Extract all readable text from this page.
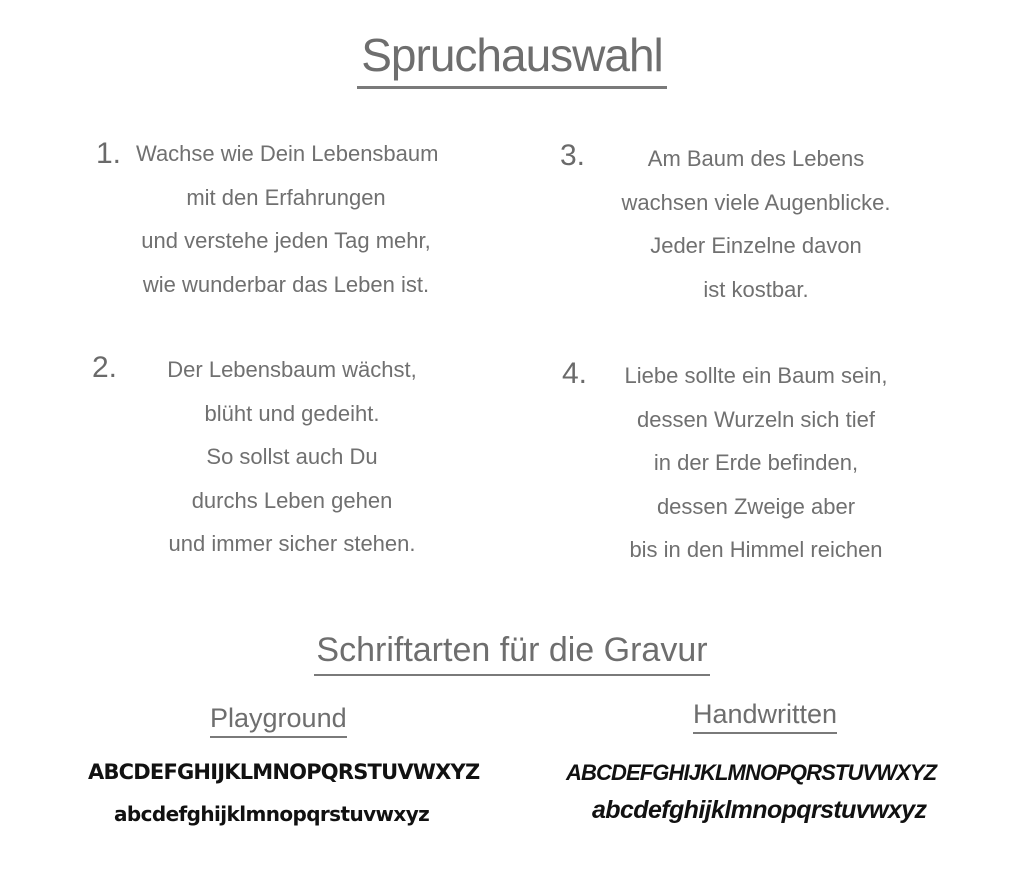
Spruchauswahl
1. Wachse wie Dein Lebensbaum
mit den Erfahrungen
und verstehe jeden Tag mehr,
wie wunderbar das Leben ist.
2.	Der Lebensbaum wächst,
blüht und gedeiht.
So sollst auch Du
durchs Leben gehen
und immer sicher stehen.
3.	Am Baum des Lebens
wachsen viele Augenblicke.
Jeder Einzelne davon
ist kostbar.
4.	Liebe sollte ein Baum sein,
dessen Wurzeln sich tief
in der Erde befinden,
dessen Zweige aber
bis in den Himmel reichen
Schriftarten für die Gravur
Playground	Handwritten
ABCDEFGHIJKLMNOPQRSTUVWXYZ
abcdefghijklmnopqrstuvwxyz
ABCDEFGHIJKLMNOPQRSTUVWXYZ
abcdefghijklmnopqrstuvwxyz
